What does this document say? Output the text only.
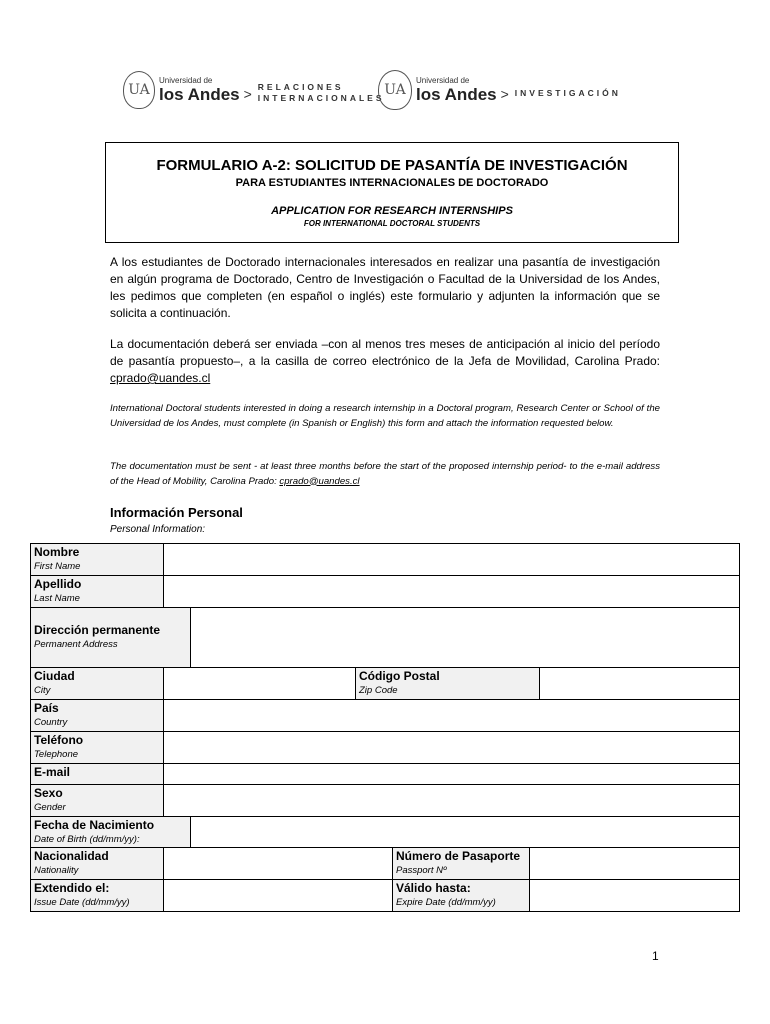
UA
Universidad de
los Andes > RELACIONES
INTERNACIONALES UA
Universidad de
los Andes > INVESTIGACIÓN
FORMULARIO A-2: SOLICITUD DE PASANTÍA DE INVESTIGACIÓN
PARA ESTUDIANTES INTERNACIONALES DE DOCTORADO
APPLICATION FOR RESEARCH INTERNSHIPS
FOR INTERNATIONAL DOCTORAL STUDENTS
A los estudiantes de Doctorado internacionales interesados en realizar una pasantía de investigación en algún programa de Doctorado, Centro de Investigación o Facultad de la Universidad de los Andes, les pedimos que completen (en español o inglés) este formulario y adjunten la información que se solicita a continuación.
La documentación deberá ser enviada –con al menos tres meses de anticipación al inicio del período de pasantía propuesto–, a la casilla de correo electrónico de la Jefa de Movilidad, Carolina Prado: cprado@uandes.cl
International Doctoral students interested in doing a research internship in a Doctoral program, Research Center or School of the Universidad de los Andes, must complete (in Spanish or English) this form and attach the information requested below.
The documentation must be sent - at least three months before the start of the proposed internship period- to the e-mail address of the Head of Mobility, Carolina Prado: cprado@uandes.cl
Información Personal
Personal Information:
Nombre
First Name
Apellido
Last Name
Dirección permanente
Permanent Address
Ciudad
City
Código Postal
Zip Code
País
Country
Teléfono
Telephone
E-mail
Sexo
Gender
Fecha de Nacimiento
Date of Birth (dd/mm/yy):
Nacionalidad
Nationality
Número de Pasaporte
Passport Nº
Extendido el:
Issue Date (dd/mm/yy)
Válido hasta:
Expire Date (dd/mm/yy)
1
